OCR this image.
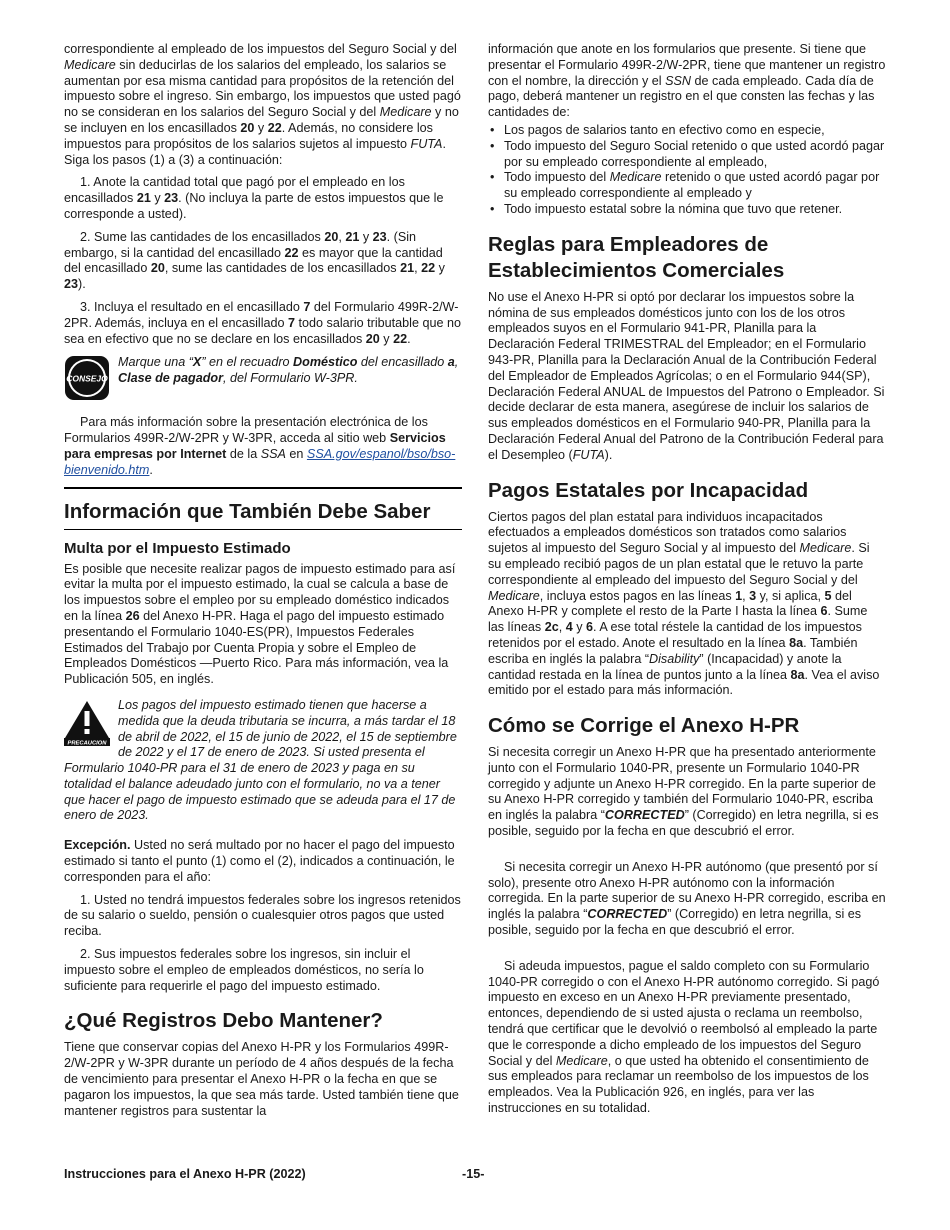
correspondiente al empleado de los impuestos del Seguro Social y del Medicare sin deducirlas de los salarios del empleado, los salarios se aumentan por esa misma cantidad para propósitos de la retención del impuesto sobre el ingreso. Sin embargo, los impuestos que usted pagó no se consideran en los salarios del Seguro Social y del Medicare y no se incluyen en los encasillados 20 y 22. Además, no considere los impuestos para propósitos de los salarios sujetos al impuesto FUTA. Siga los pasos (1) a (3) a continuación:

1. Anote la cantidad total que pagó por el empleado en los encasillados 21 y 23. (No incluya la parte de estos impuestos que le corresponde a usted).

2. Sume las cantidades de los encasillados 20, 21 y 23. (Sin embargo, si la cantidad del encasillado 22 es mayor que la cantidad del encasillado 20, sume las cantidades de los encasillados 21, 22 y 23).

3. Incluya el resultado en el encasillado 7 del Formulario 499R-2/W-2PR. Además, incluya en el encasillado 7 todo salario tributable que no sea en efectivo que no se declare en los encasillados 20 y 22.

CONSEJO
Marque una “X” en el recuadro Doméstico del encasillado a, Clase de pagador, del Formulario W-3PR.

Para más información sobre la presentación electrónica de los Formularios 499R-2/W-2PR y W-3PR, acceda al sitio web Servicios para empresas por Internet de la SSA en SSA.gov/espanol/bso/bso-bienvenido.htm.

Información que También Debe Saber
Multa por el Impuesto Estimado

Es posible que necesite realizar pagos de impuesto estimado para así evitar la multa por el impuesto estimado, la cual se calcula a base de los impuestos sobre el empleo por su empleado doméstico indicados en la línea 26 del Anexo H-PR. Haga el pago del impuesto estimado presentando el Formulario 1040-ES(PR), Impuestos Federales Estimados del Trabajo por Cuenta Propia y sobre el Empleo de Empleados Domésticos —Puerto Rico. Para más información, vea la Publicación 505, en inglés.

PRECAUCION
Los pagos del impuesto estimado tienen que hacerse a medida que la deuda tributaria se incurra, a más tardar el 18 de abril de 2022, el 15 de junio de 2022, el 15 de septiembre de 2022 y el 17 de enero de 2023. Si usted presenta el Formulario 1040-PR para el 31 de enero de 2023 y paga en su totalidad el balance adeudado junto con el formulario, no va a tener que hacer el pago de impuesto estimado que se adeuda para el 17 de enero de 2023.

Excepción. Usted no será multado por no hacer el pago del impuesto estimado si tanto el punto (1) como el (2), indicados a continuación, le corresponden para el año:

1. Usted no tendrá impuestos federales sobre los ingresos retenidos de su salario o sueldo, pensión o cualesquier otros pagos que usted reciba.

2. Sus impuestos federales sobre los ingresos, sin incluir el impuesto sobre el empleo de empleados domésticos, no sería lo suficiente para requerirle el pago del impuesto estimado.

¿Qué Registros Debo Mantener?

Tiene que conservar copias del Anexo H-PR y los Formularios 499R-2/W-2PR y W-3PR durante un período de 4 años después de la fecha de vencimiento para presentar el Anexo H-PR o la fecha en que se pagaron los impuestos, la que sea más tarde. Usted también tiene que mantener registros para sustentar la

información que anote en los formularios que presente. Si tiene que presentar el Formulario 499R-2/W-2PR, tiene que mantener un registro con el nombre, la dirección y el SSN de cada empleado. Cada día de pago, deberá mantener un registro en el que consten las fechas y las cantidades de:

• Los pagos de salarios tanto en efectivo como en especie,
• Todo impuesto del Seguro Social retenido o que usted acordó pagar por su empleado correspondiente al empleado,
• Todo impuesto del Medicare retenido o que usted acordó pagar por su empleado correspondiente al empleado y
• Todo impuesto estatal sobre la nómina que tuvo que retener.
Reglas para Empleadores de Establecimientos Comerciales

No use el Anexo H-PR si optó por declarar los impuestos sobre la nómina de sus empleados domésticos junto con los de los otros empleados suyos en el Formulario 941-PR, Planilla para la Declaración Federal TRIMESTRAL del Empleador; en el Formulario 943-PR, Planilla para la Declaración Anual de la Contribución Federal del Empleador de Empleados Agrícolas; o en el Formulario 944(SP), Declaración Federal ANUAL de Impuestos del Patrono o Empleador. Si decide declarar de esta manera, asegúrese de incluir los salarios de sus empleados domésticos en el Formulario 940-PR, Planilla para la Declaración Federal Anual del Patrono de la Contribución Federal para el Desempleo (FUTA).

Pagos Estatales por Incapacidad

Ciertos pagos del plan estatal para individuos incapacitados efectuados a empleados domésticos son tratados como salarios sujetos al impuesto del Seguro Social y al impuesto del Medicare. Si su empleado recibió pagos de un plan estatal que le retuvo la parte correspondiente al empleado del impuesto del Seguro Social y del Medicare, incluya estos pagos en las líneas 1, 3 y, si aplica, 5 del Anexo H-PR y complete el resto de la Parte I hasta la línea 6. Sume las líneas 2c, 4 y 6. A ese total réstele la cantidad de los impuestos retenidos por el estado. Anote el resultado en la línea 8a. También escriba en inglés la palabra “Disability” (Incapacidad) y anote la cantidad restada en la línea de puntos junto a la línea 8a. Vea el aviso emitido por el estado para más información.

Cómo se Corrige el Anexo H-PR

Si necesita corregir un Anexo H-PR que ha presentado anteriormente junto con el Formulario 1040-PR, presente un Formulario 1040-PR corregido y adjunte un Anexo H-PR corregido. En la parte superior de su Anexo H-PR corregido y también del Formulario 1040-PR, escriba en inglés la palabra “CORRECTED” (Corregido) en letra negrilla, si es posible, seguido por la fecha en que descubrió el error.

Si necesita corregir un Anexo H-PR autónomo (que presentó por sí solo), presente otro Anexo H-PR autónomo con la información corregida. En la parte superior de su Anexo H-PR corregido, escriba en inglés la palabra “CORRECTED” (Corregido) en letra negrilla, si es posible, seguido por la fecha en que descubrió el error.

Si adeuda impuestos, pague el saldo completo con su Formulario 1040-PR corregido o con el Anexo H-PR autónomo corregido. Si pagó impuesto en exceso en un Anexo H-PR previamente presentado, entonces, dependiendo de si usted ajusta o reclama un reembolso, tendrá que certificar que le devolvió o reembolsó al empleado la parte que le corresponde a dicho empleado de los impuestos del Seguro Social y del Medicare, o que usted ha obtenido el consentimiento de sus empleados para reclamar un reembolso de los impuestos de los empleados. Vea la Publicación 926, en inglés, para ver las instrucciones en su totalidad.

Instrucciones para el Anexo H-PR (2022)	-15-
